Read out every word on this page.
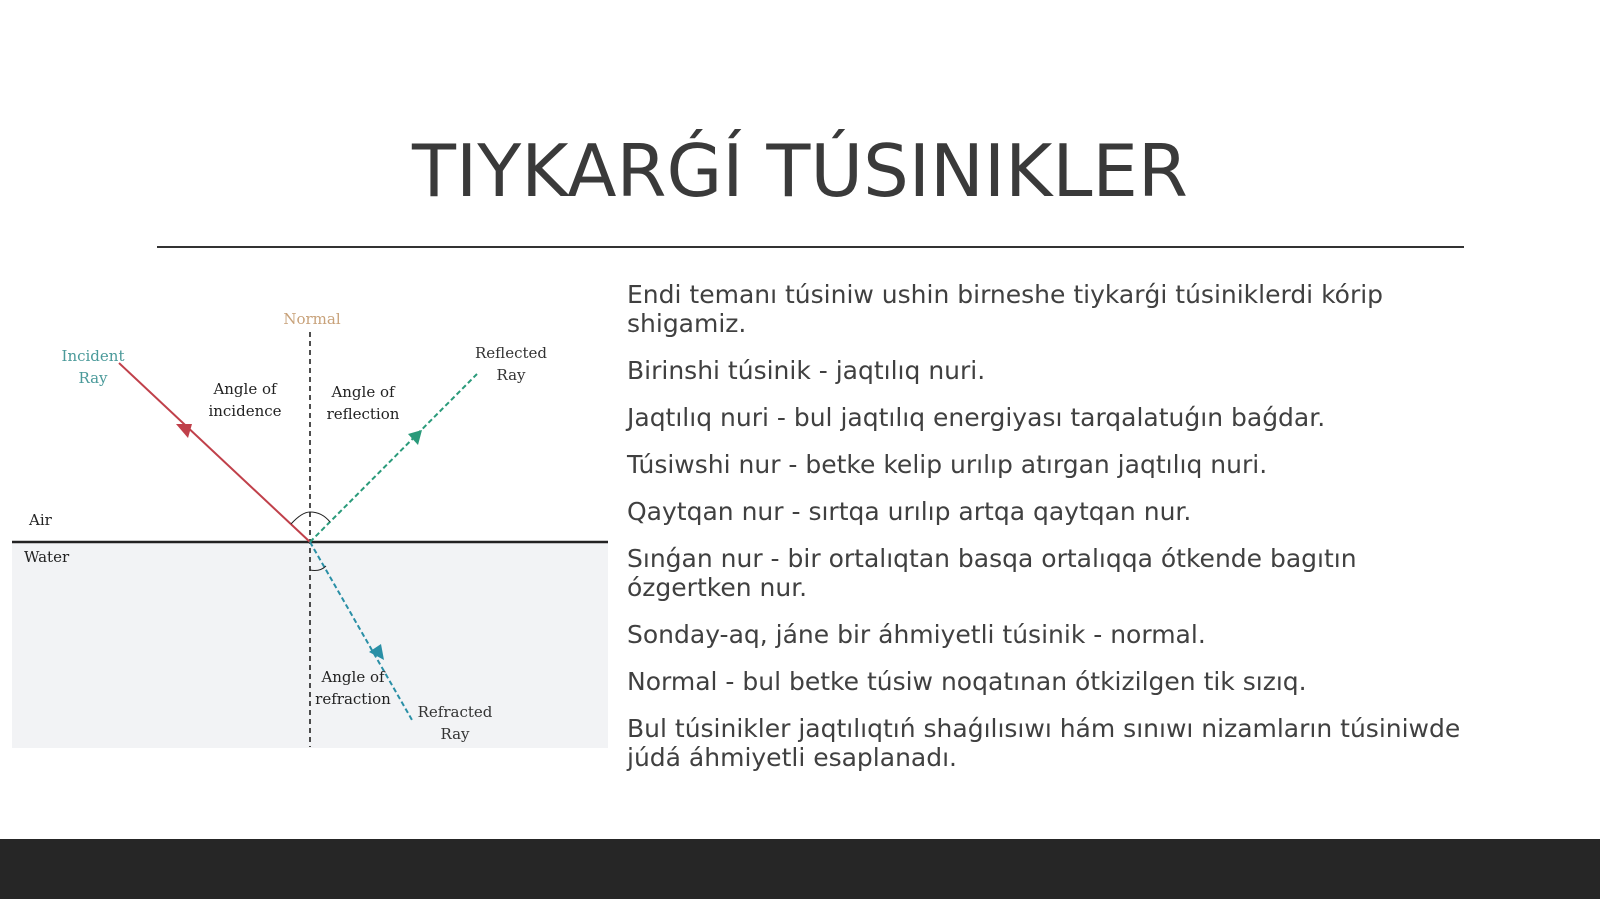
TIYKARǴÍ TÚSINIKLER
Normal
Incident
Ray
Reflected
Ray
Angle of
incidence
Angle of
reflection
Air
Water
Angle of
refraction
Refracted
Ray
Endi temanı túsiniw ushin birneshe tiykarǵi túsiniklerdi kórip shigamiz.
Birinshi túsinik - jaqtılıq nuri.
Jaqtılıq nuri - bul jaqtılıq energiyası tarqalatuǵın baǵdar.
Túsiwshi nur - betke kelip urılıp atırgan jaqtılıq nuri.
Qaytqan nur - sırtqa urılıp artqa qaytqan nur.
Sınǵan nur - bir ortalıqtan basqa ortalıqqa ótkende bagıtın ózgertken nur.
Sonday-aq, jáne bir áhmiyetli túsinik - normal.
Normal - bul betke túsiw noqatınan ótkizilgen tik sızıq.
Bul túsinikler jaqtılıqtıń shaǵılısıwı hám sınıwı nizamların túsiniwde júdá áhmiyetli esaplanadı.
